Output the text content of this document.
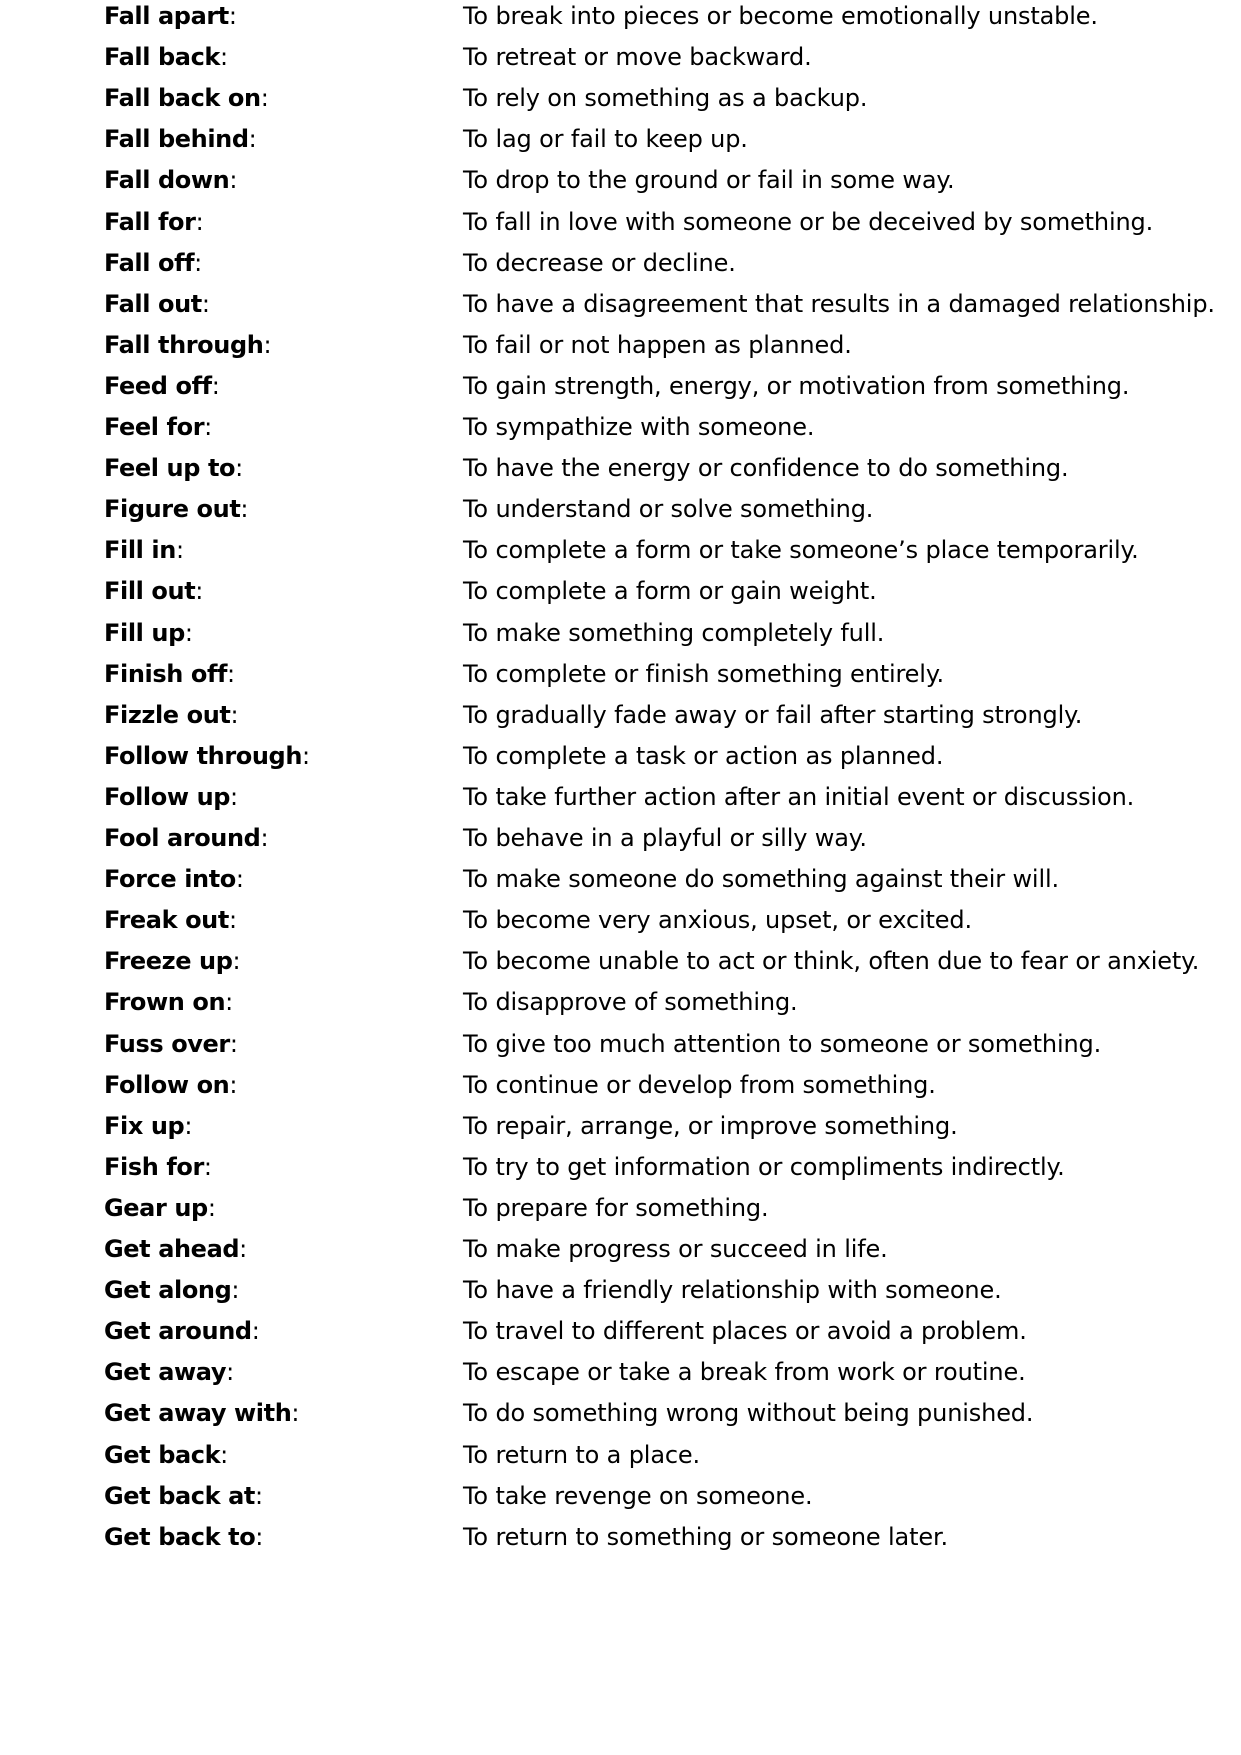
Fall apart:	To break into pieces or become emotionally unstable.
Fall back:	To retreat or move backward.
Fall back on:	To rely on something as a backup.
Fall behind:	To lag or fail to keep up.
Fall down:	To drop to the ground or fail in some way.
Fall for:	To fall in love with someone or be deceived by something.
Fall off:	To decrease or decline.
Fall out:	To have a disagreement that results in a damaged relationship.
Fall through:	To fail or not happen as planned.
Feed off:	To gain strength, energy, or motivation from something.
Feel for:	To sympathize with someone.
Feel up to:	To have the energy or confidence to do something.
Figure out:	To understand or solve something.
Fill in:	To complete a form or take someone’s place temporarily.
Fill out:	To complete a form or gain weight.
Fill up:	To make something completely full.
Finish off:	To complete or finish something entirely.
Fizzle out:	To gradually fade away or fail after starting strongly.
Follow through:	To complete a task or action as planned.
Follow up:	To take further action after an initial event or discussion.
Fool around:	To behave in a playful or silly way.
Force into:	To make someone do something against their will.
Freak out:	To become very anxious, upset, or excited.
Freeze up:	To become unable to act or think, often due to fear or anxiety.
Frown on:	To disapprove of something.
Fuss over:	To give too much attention to someone or something.
Follow on:	To continue or develop from something.
Fix up:	To repair, arrange, or improve something.
Fish for:	To try to get information or compliments indirectly.
Gear up:	To prepare for something.
Get ahead:	To make progress or succeed in life.
Get along:	To have a friendly relationship with someone.
Get around:	To travel to different places or avoid a problem.
Get away:	To escape or take a break from work or routine.
Get away with:	To do something wrong without being punished.
Get back:	To return to a place.
Get back at:	To take revenge on someone.
Get back to:	To return to something or someone later.
